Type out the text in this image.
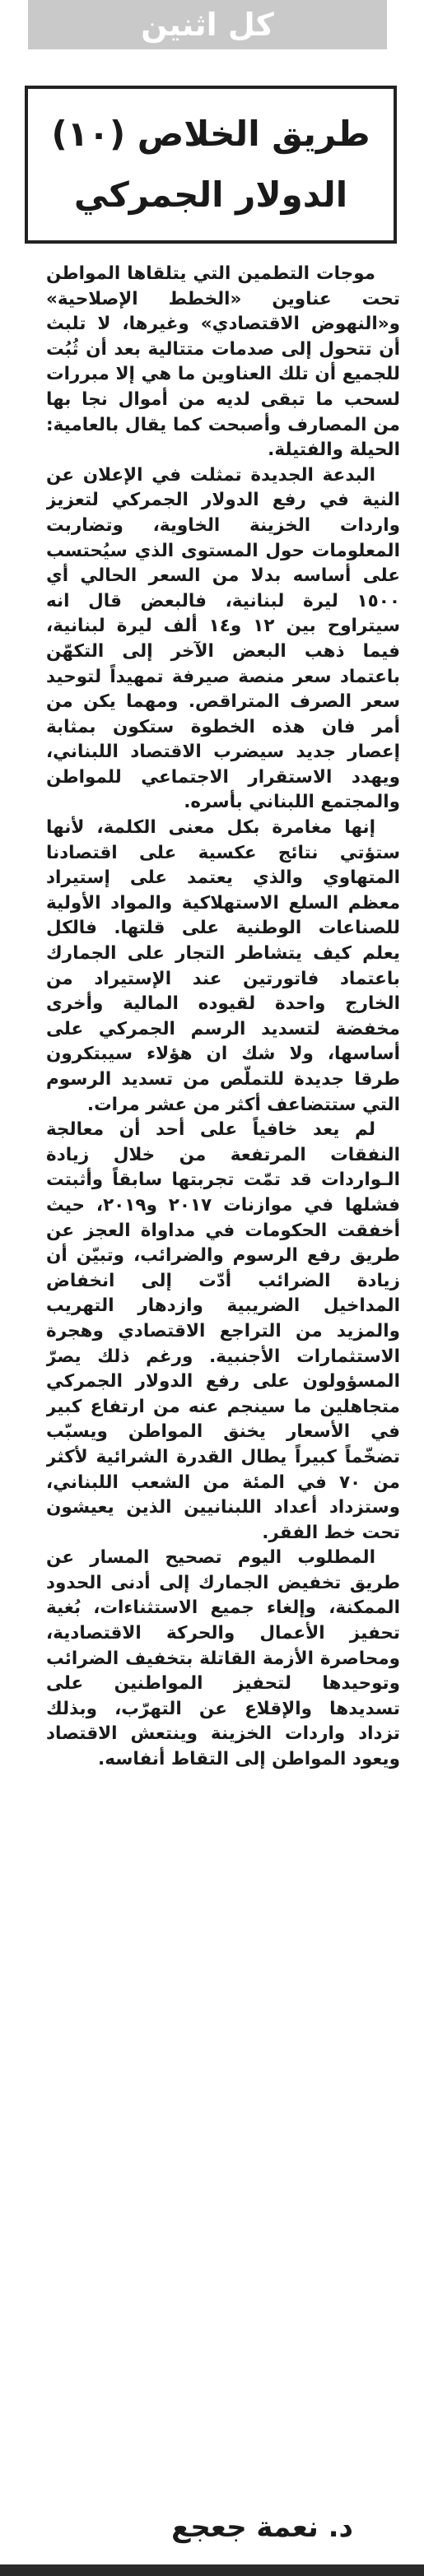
كل اثنين
طريق الخلاص (١٠)
الدولار الجمركي

موجات التطمين التي يتلقاها المواطن تحت عناوين «الخطط الإصلاحية» و«النهوض الاقتصادي» وغيرها، لا تلبث أن تتحول إلى صدمات متتالية بعد أن ثُبُت للجميع أن تلك العناوين ما هي إلا مبررات لسحب ما تبقى لديه من أموال نجا بها من المصارف وأصبحت كما يقال بالعامية: الحيلة والفتيلة.

البدعة الجديدة تمثلت في الإعلان عن النية في رفع الدولار الجمركي لتعزيز واردات الخزينة الخاوية، وتضاربت المعلومات حول المستوى الذي سيُحتسب على أساسه بدلا من السعر الحالي أي ١٥٠٠ ليرة لبنانية، فالبعض قال انه سيتراوح بين ١٢ و١٤ ألف ليرة لبنانية، فيما ذهب البعض الآخر إلى التكهّن باعتماد سعر منصة صيرفة تمهيداً لتوحيد سعر الصرف المتراقص. ومهما يكن من أمر فان هذه الخطوة ستكون بمثابة إعصار جديد سيضرب الاقتصاد اللبناني، ويهدد الاستقرار الاجتماعي للمواطن والمجتمع اللبناني بأسره.

إنها مغامرة بكل معنى الكلمة، لأنها ستؤتي نتائج عكسية على اقتصادنا المتهاوي والذي يعتمد على إستيراد معظم السلع الاستهلاكية والمواد الأولية للصناعات الوطنية على قلتها. فالكل يعلم كيف يتشاطر التجار على الجمارك باعتماد فاتورتين عند الإستيراد من الخارج واحدة لقيوده المالية وأخرى مخفضة لتسديد الرسم الجمركي على أساسها، ولا شك ان هؤلاء سيبتكرون طرقا جديدة للتملّص من تسديد الرسوم التي ستتضاعف أكثر من عشر مرات.

لم يعد خافياً على أحد أن معالجة النفقات المرتفعة من خلال زيادة الـواردات قد تمّت تجربتها سابقاً وأثبتت فشلها في موازنات ٢٠١٧ و٢٠١٩، حيث أخفقت الحكومات في مداواة العجز عن طريق رفع الرسوم والضرائب، وتبيّن أن زيادة الضرائب أدّت إلى انخفاض المداخيل الضريبية وازدهار التهريب والمزيد من التراجع الاقتصادي وهجرة الاستثمارات الأجنبية. ورغم ذلك يصرّ المسؤولون على رفع الدولار الجمركي متجاهلين ما سينجم عنه من ارتفاع كبير في الأسعار يخنق المواطن ويسبّب تضخّماً كبيراً يطال القدرة الشرائية لأكثر من ٧٠ في المئة من الشعب اللبناني، وستزداد أعداد اللبنانيين الذين يعيشون تحت خط الفقر.

المطلوب اليوم تصحيح المسار عن طريق تخفيض الجمارك إلى أدنى الحدود الممكنة، وإلغاء جميع الاستثناءات، بُغية تحفيز الأعمال والحركة الاقتصادية، ومحاصرة الأزمة القاتلة بتخفيف الضرائب وتوحيدها لتحفيز المواطنين على تسديدها والإقلاع عن التهرّب، وبذلك تزداد واردات الخزينة وينتعش الاقتصاد ويعود المواطن إلى التقاط أنفاسه.

د. نعمة جعجع
